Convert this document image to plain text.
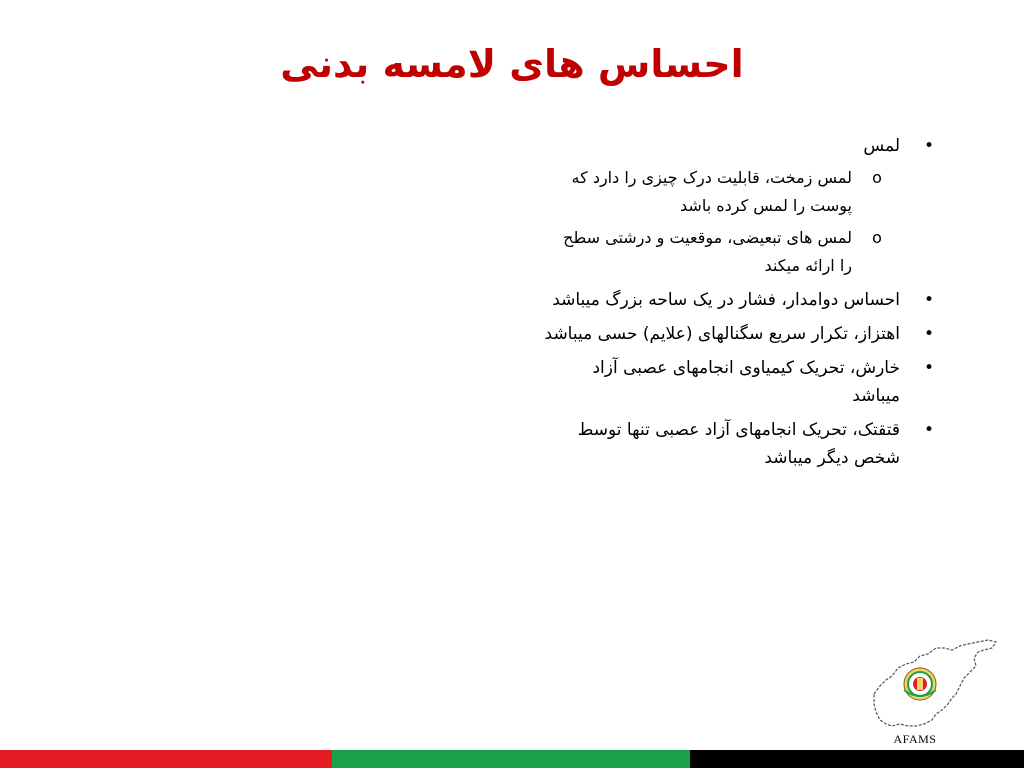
احساس های لامسه بدنی
•
لمس
o
لمس زمخت، قابلیت درک چیزی را دارد که پوست را لمس کرده باشد
o
لمس های تبعیضی، موقعیت و درشتی سطح را ارائه میکند
•
احساس دوامدار، فشار در یک ساحه بزرگ میباشد
•
اهتزاز، تکرار سریع سگنالهای (علایم) حسی میباشد
•
خارش، تحریک کیمیاوی انجامهای عصبی آزاد میباشد
•
قتقتک، تحریک انجامهای آزاد عصبی تنها توسط شخص دیگر میباشد
AFAMS
